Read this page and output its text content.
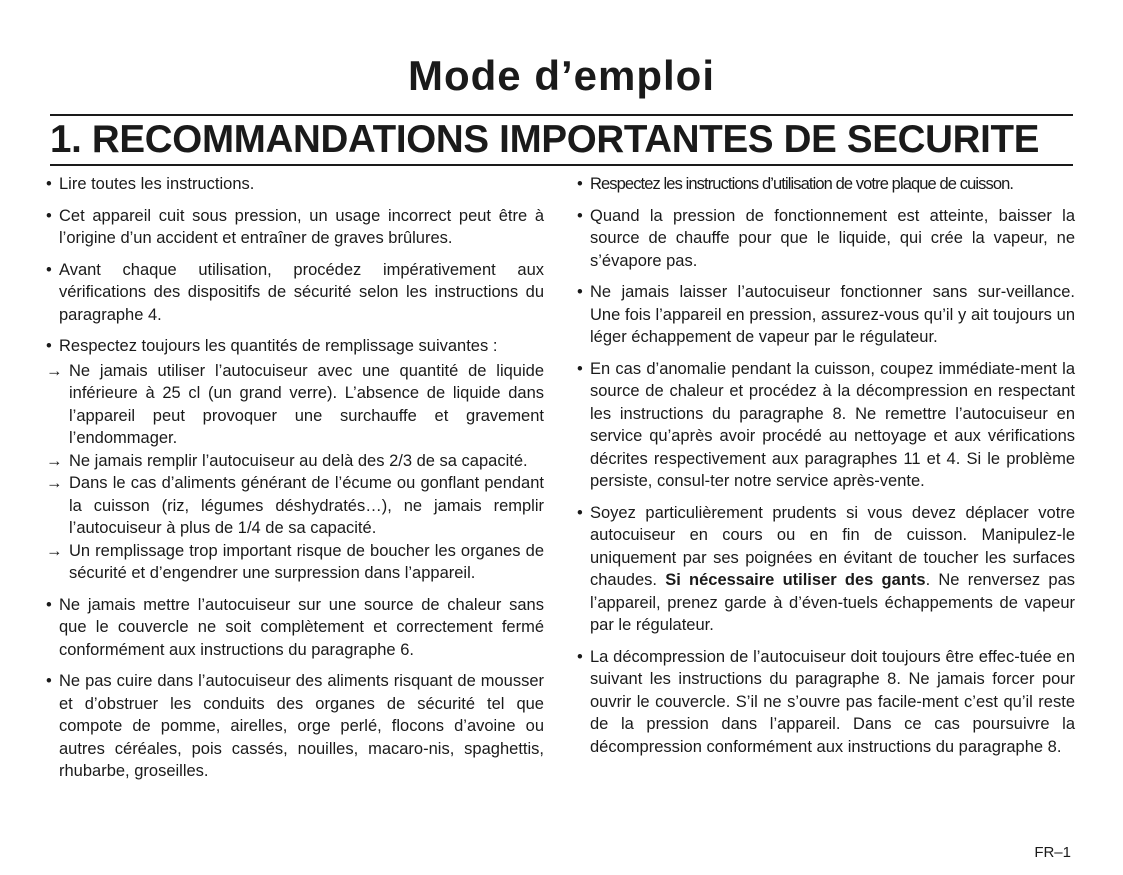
Mode d’emploi
1. RECOMMANDATIONS IMPORTANTES DE SECURITE

• Lire toutes les instructions.

• Cet appareil cuit sous pression, un usage incorrect peut être à l’origine d’un accident et entraîner de graves brûlures.

• Avant chaque utilisation, procédez impérativement aux vérifications des dispositifs de sécurité selon les instructions du paragraphe 4.

• Respectez toujours les quantités de remplissage suivantes :

→ Ne jamais utiliser l’autocuiseur avec une quantité de liquide inférieure à 25 cl (un grand verre). L’absence de liquide dans l’appareil peut provoquer une surchauffe et gravement l’endommager.

→ Ne jamais remplir l’autocuiseur au delà des 2/3 de sa capacité.

→ Dans le cas d’aliments générant de l’écume ou gonflant pendant la cuisson (riz, légumes déshydratés…), ne jamais remplir l’autocuiseur à plus de 1/4 de sa capacité.

→ Un remplissage trop important risque de boucher les organes de sécurité et d’engendrer une surpression dans l’appareil.

• Ne jamais mettre l’autocuiseur sur une source de chaleur sans que le couvercle ne soit complètement et correctement fermé conformément aux instructions du paragraphe 6.

• Ne pas cuire dans l’autocuiseur des aliments risquant de mousser et d’obstruer les conduits des organes de sécurité tel que compote de pomme, airelles, orge perlé, flocons d’avoine ou autres céréales, pois cassés, nouilles, macaro-nis, spaghettis, rhubarbe, groseilles.

• Respectez les instructions d’utilisation de votre plaque de cuisson.

• Quand la pression de fonctionnement est atteinte, baisser la source de chauffe pour que le liquide, qui crée la vapeur, ne s’évapore pas.

• Ne jamais laisser l’autocuiseur fonctionner sans sur-veillance. Une fois l’appareil en pression, assurez-vous qu’il y ait toujours un léger échappement de vapeur par le régulateur.

• En cas d’anomalie pendant la cuisson, coupez immédiate-ment la source de chaleur et procédez à la décompression en respectant les instructions du paragraphe 8. Ne remettre l’autocuiseur en service qu’après avoir procédé au nettoyage et aux vérifications décrites respectivement aux paragraphes 11 et 4. Si le problème persiste, consul-ter notre service après-vente.

• Soyez particulièrement prudents si vous devez déplacer votre autocuiseur en cours ou en fin de cuisson. Manipulez-le uniquement par ses poignées en évitant de toucher les surfaces chaudes. Si nécessaire utiliser des gants. Ne renversez pas l’appareil, prenez garde à d’éven-tuels échappements de vapeur par le régulateur.

• La décompression de l’autocuiseur doit toujours être effec-tuée en suivant les instructions du paragraphe 8. Ne jamais forcer pour ouvrir le couvercle. S’il ne s’ouvre pas facile-ment c’est qu’il reste de la pression dans l’appareil. Dans ce cas poursuivre la décompression conformément aux instructions du paragraphe 8.

FR–1
